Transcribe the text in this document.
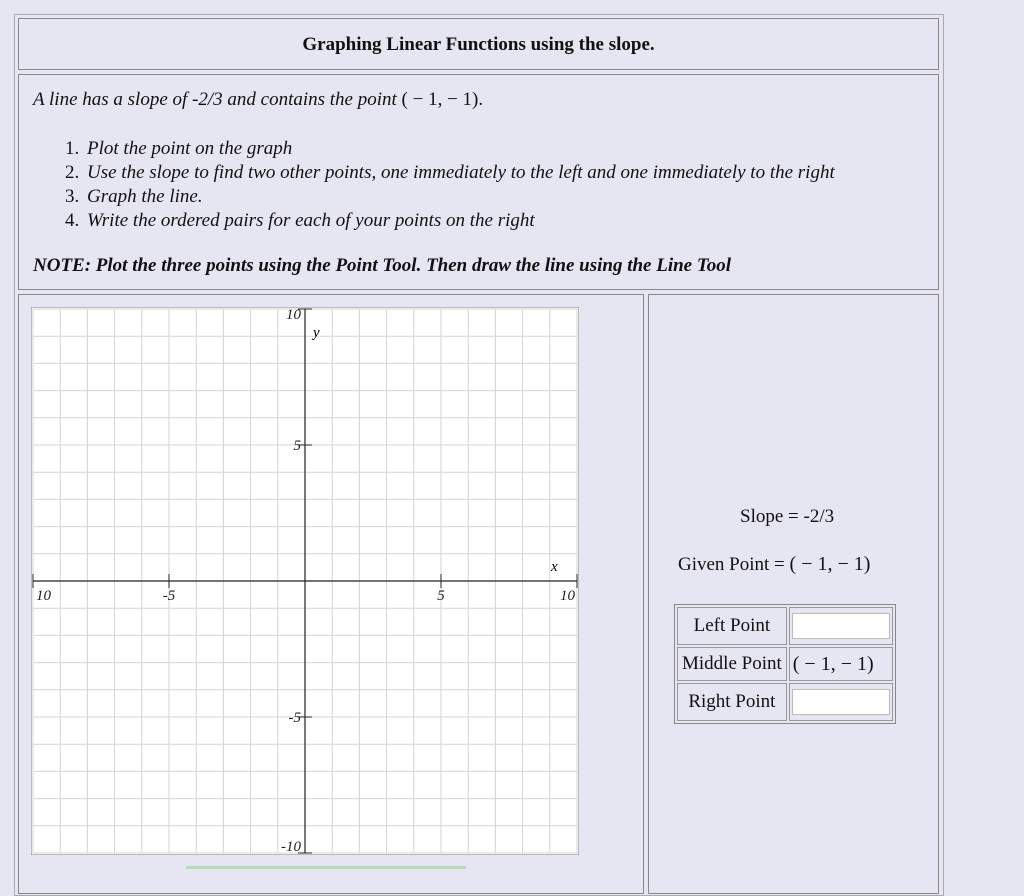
Graphing Linear Functions using the slope.
A line has a slope of -2/3 and contains the point ( − 1, − 1).
1. Plot the point on the graph
2. Use the slope to find two other points, one immediately to the left and one immediately to the right
3. Graph the line.
4. Write the ordered pairs for each of your points on the right
NOTE: Plot the three points using the Point Tool. Then draw the line using the Line Tool
10	-5	5	10
10
5
-5
-10
x
y
Slope = -2/3
Given Point = ( − 1, − 1)
Left Point	
Middle Point	( − 1, − 1)
Right Point	
